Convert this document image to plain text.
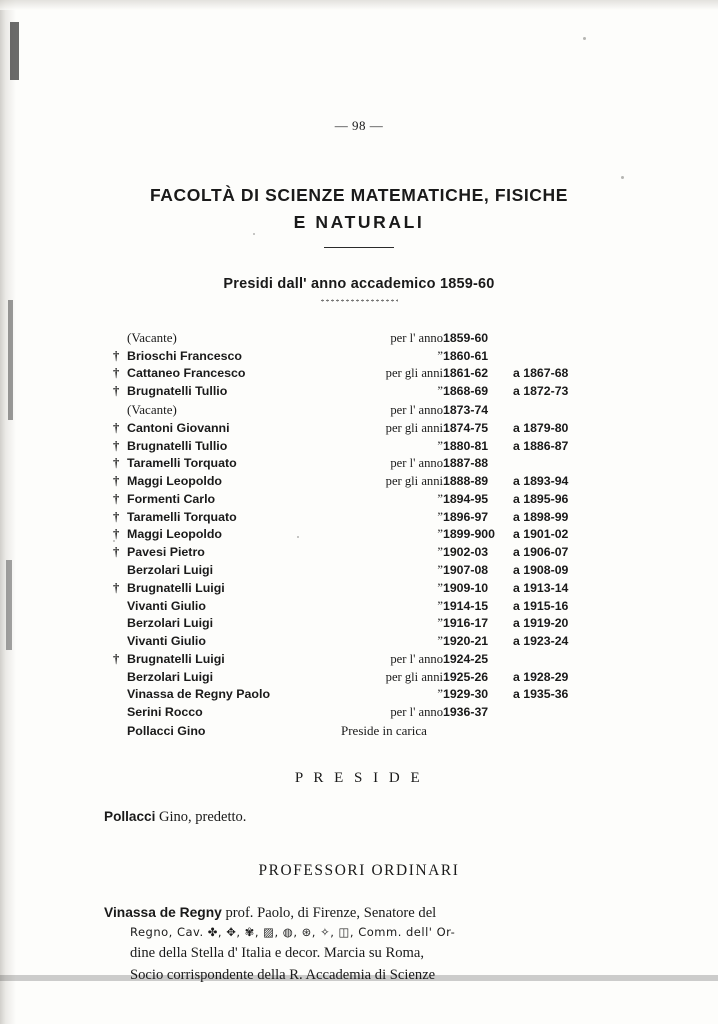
— 98 —
FACOLTÀ DI SCIENZE MATEMATICHE, FISICHE
E NATURALI
Presidi dall' anno accademico 1859-60
	(Vacante)	per l' anno	1859-60	
†	Brioschi Francesco	”	1860-61	
†	Cattaneo Francesco	per gli anni	1861-62	a 1867-68
†	Brugnatelli Tullio	”	1868-69	a 1872-73
	(Vacante)	per l' anno	1873-74	
†	Cantoni Giovanni	per gli anni	1874-75	a 1879-80
†	Brugnatelli Tullio	”	1880-81	a 1886-87
†	Taramelli Torquato	per l' anno	1887-88	
†	Maggi Leopoldo	per gli anni	1888-89	a 1893-94
†	Formenti Carlo	”	1894-95	a 1895-96
†	Taramelli Torquato	”	1896-97	a 1898-99
†	Maggi Leopoldo	”	1899-900	a 1901-02
†	Pavesi Pietro	”	1902-03	a 1906-07
	Berzolari Luigi	”	1907-08	a 1908-09
†	Brugnatelli Luigi	”	1909-10	a 1913-14
	Vivanti Giulio	”	1914-15	a 1915-16
	Berzolari Luigi	”	1916-17	a 1919-20
	Vivanti Giulio	”	1920-21	a 1923-24
†	Brugnatelli Luigi	per l' anno	1924-25	
	Berzolari Luigi	per gli anni	1925-26	a 1928-29
	Vinassa de Regny Paolo	”	1929-30	a 1935-36
	Serini Rocco	per l' anno	1936-37	
	Pollacci Gino	Preside in carica		
P R E S I D E
Pollacci Gino, predetto.
PROFESSORI ORDINARI
Vinassa de Regny prof. Paolo, di Firenze, Senatore del
Regno, Cav. ✤, ✥, ✾, ▨, ◍, ⊛, ✧, ◫, Comm. dell' Or-
dine della Stella d' Italia e decor. Marcia su Roma,
Socio corrispondente della R. Accademia di Scienze
